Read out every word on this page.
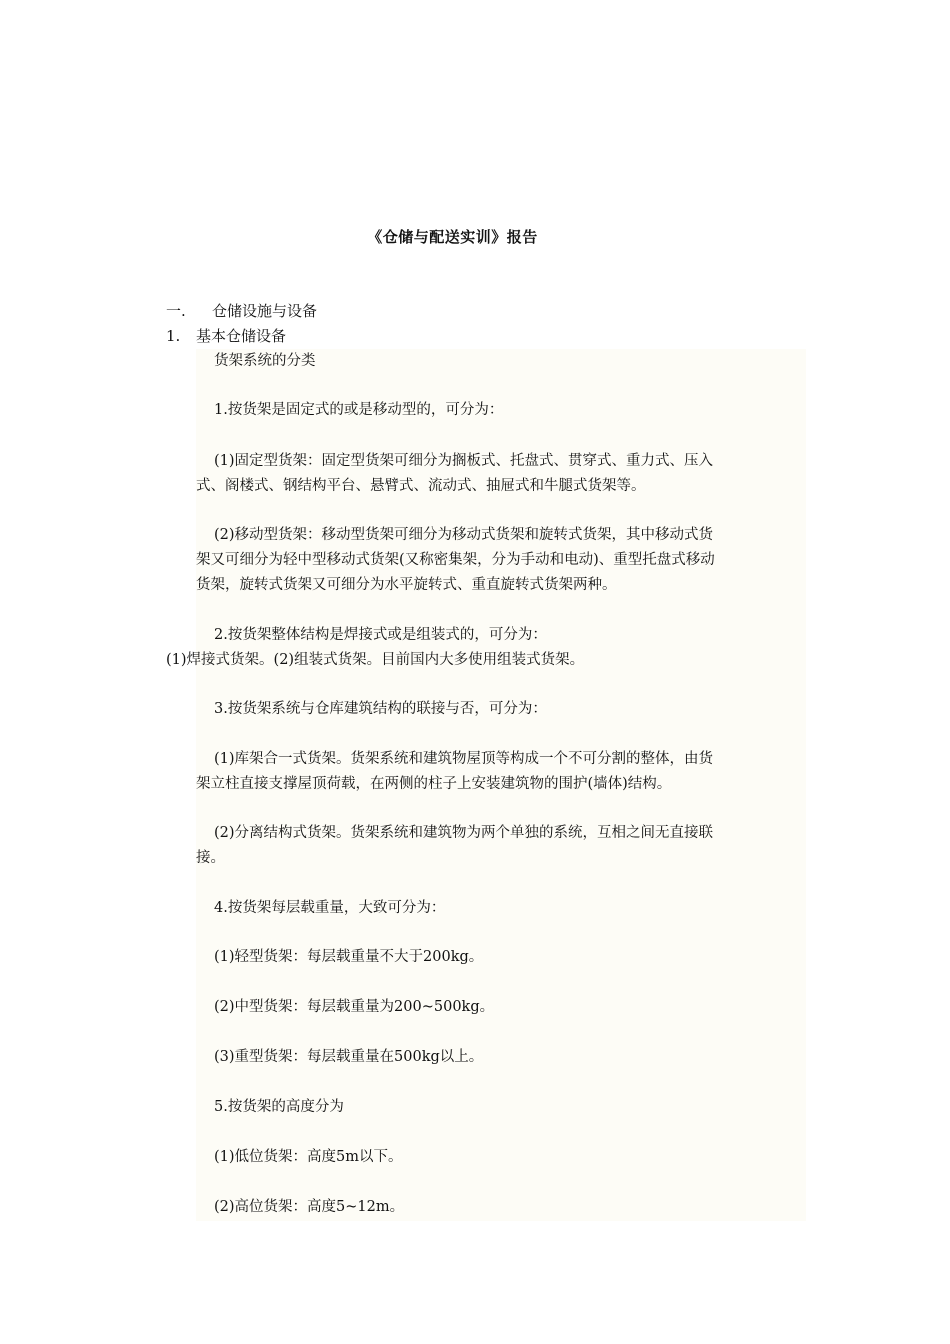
《仓储与配送实训》报告
一. 仓储设施与设备
1. 基本仓储设备
货架系统的分类
1.按货架是固定式的或是移动型的，可分为：
(1)固定型货架：固定型货架可细分为搁板式、托盘式、贯穿式、重力式、压入
式、阁楼式、钢结构平台、悬臂式、流动式、抽屉式和牛腿式货架等。
(2)移动型货架：移动型货架可细分为移动式货架和旋转式货架，其中移动式货
架又可细分为轻中型移动式货架(又称密集架，分为手动和电动)、重型托盘式移动
货架，旋转式货架又可细分为水平旋转式、重直旋转式货架两种。
2.按货架整体结构是焊接式或是组装式的，可分为：
(1)焊接式货架。(2)组装式货架。目前国内大多使用组装式货架。
3.按货架系统与仓库建筑结构的联接与否，可分为：
(1)库架合一式货架。货架系统和建筑物屋顶等构成一个不可分割的整体，由货
架立柱直接支撑屋顶荷载，在两侧的柱子上安装建筑物的围护(墙体)结构。
(2)分离结构式货架。货架系统和建筑物为两个单独的系统，互相之间无直接联
接。
4.按货架每层载重量，大致可分为：
(1)轻型货架：每层载重量不大于200kg。
(2)中型货架：每层载重量为200~500kg。
(3)重型货架：每层载重量在500kg以上。
5.按货架的高度分为
(1)低位货架：高度5m以下。
(2)高位货架：高度5~12m。
